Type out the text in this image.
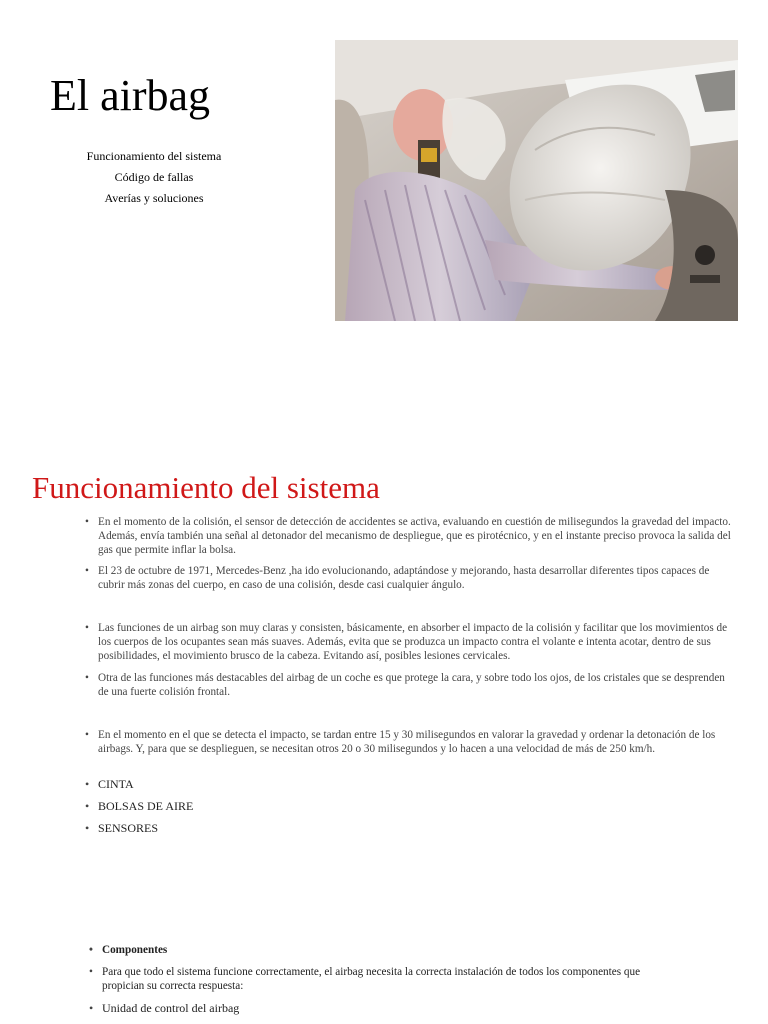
El airbag
Funcionamiento del sistema
Código de fallas
Averías y soluciones
Funcionamiento del sistema
• En el momento de la colisión, el sensor de detección de accidentes se activa, evaluando en cuestión de milisegundos la gravedad del impacto. Además, envía también una señal al detonador del mecanismo de despliegue, que es pirotécnico, y en el instante preciso provoca la salida del gas que permite inflar la bolsa.
• El 23 de octubre de 1971, Mercedes-Benz ,ha ido evolucionando, adaptándose y mejorando, hasta desarrollar diferentes tipos capaces de cubrir más zonas del cuerpo, en caso de una colisión, desde casi cualquier ángulo.
• Las funciones de un airbag son muy claras y consisten, básicamente, en absorber el impacto de la colisión y facilitar que los movimientos de los cuerpos de los ocupantes sean más suaves. Además, evita que se produzca un impacto contra el volante e intenta acotar, dentro de sus posibilidades, el movimiento brusco de la cabeza. Evitando así, posibles lesiones cervicales.
• Otra de las funciones más destacables del airbag de un coche es que protege la cara, y sobre todo los ojos, de los cristales que se desprenden de una fuerte colisión frontal.
• En el momento en el que se detecta el impacto, se tardan entre 15 y 30 milisegundos en valorar la gravedad y ordenar la detonación de los airbags. Y, para que se desplieguen, se necesitan otros 20 o 30 milisegundos y lo hacen a una velocidad de más de 250 km/h.
• CINTA
• BOLSAS DE AIRE
• SENSORES
• Componentes
• Para que todo el sistema funcione correctamente, el airbag necesita la correcta instalación de todos los componentes que propician su correcta respuesta:
• Unidad de control del airbag
